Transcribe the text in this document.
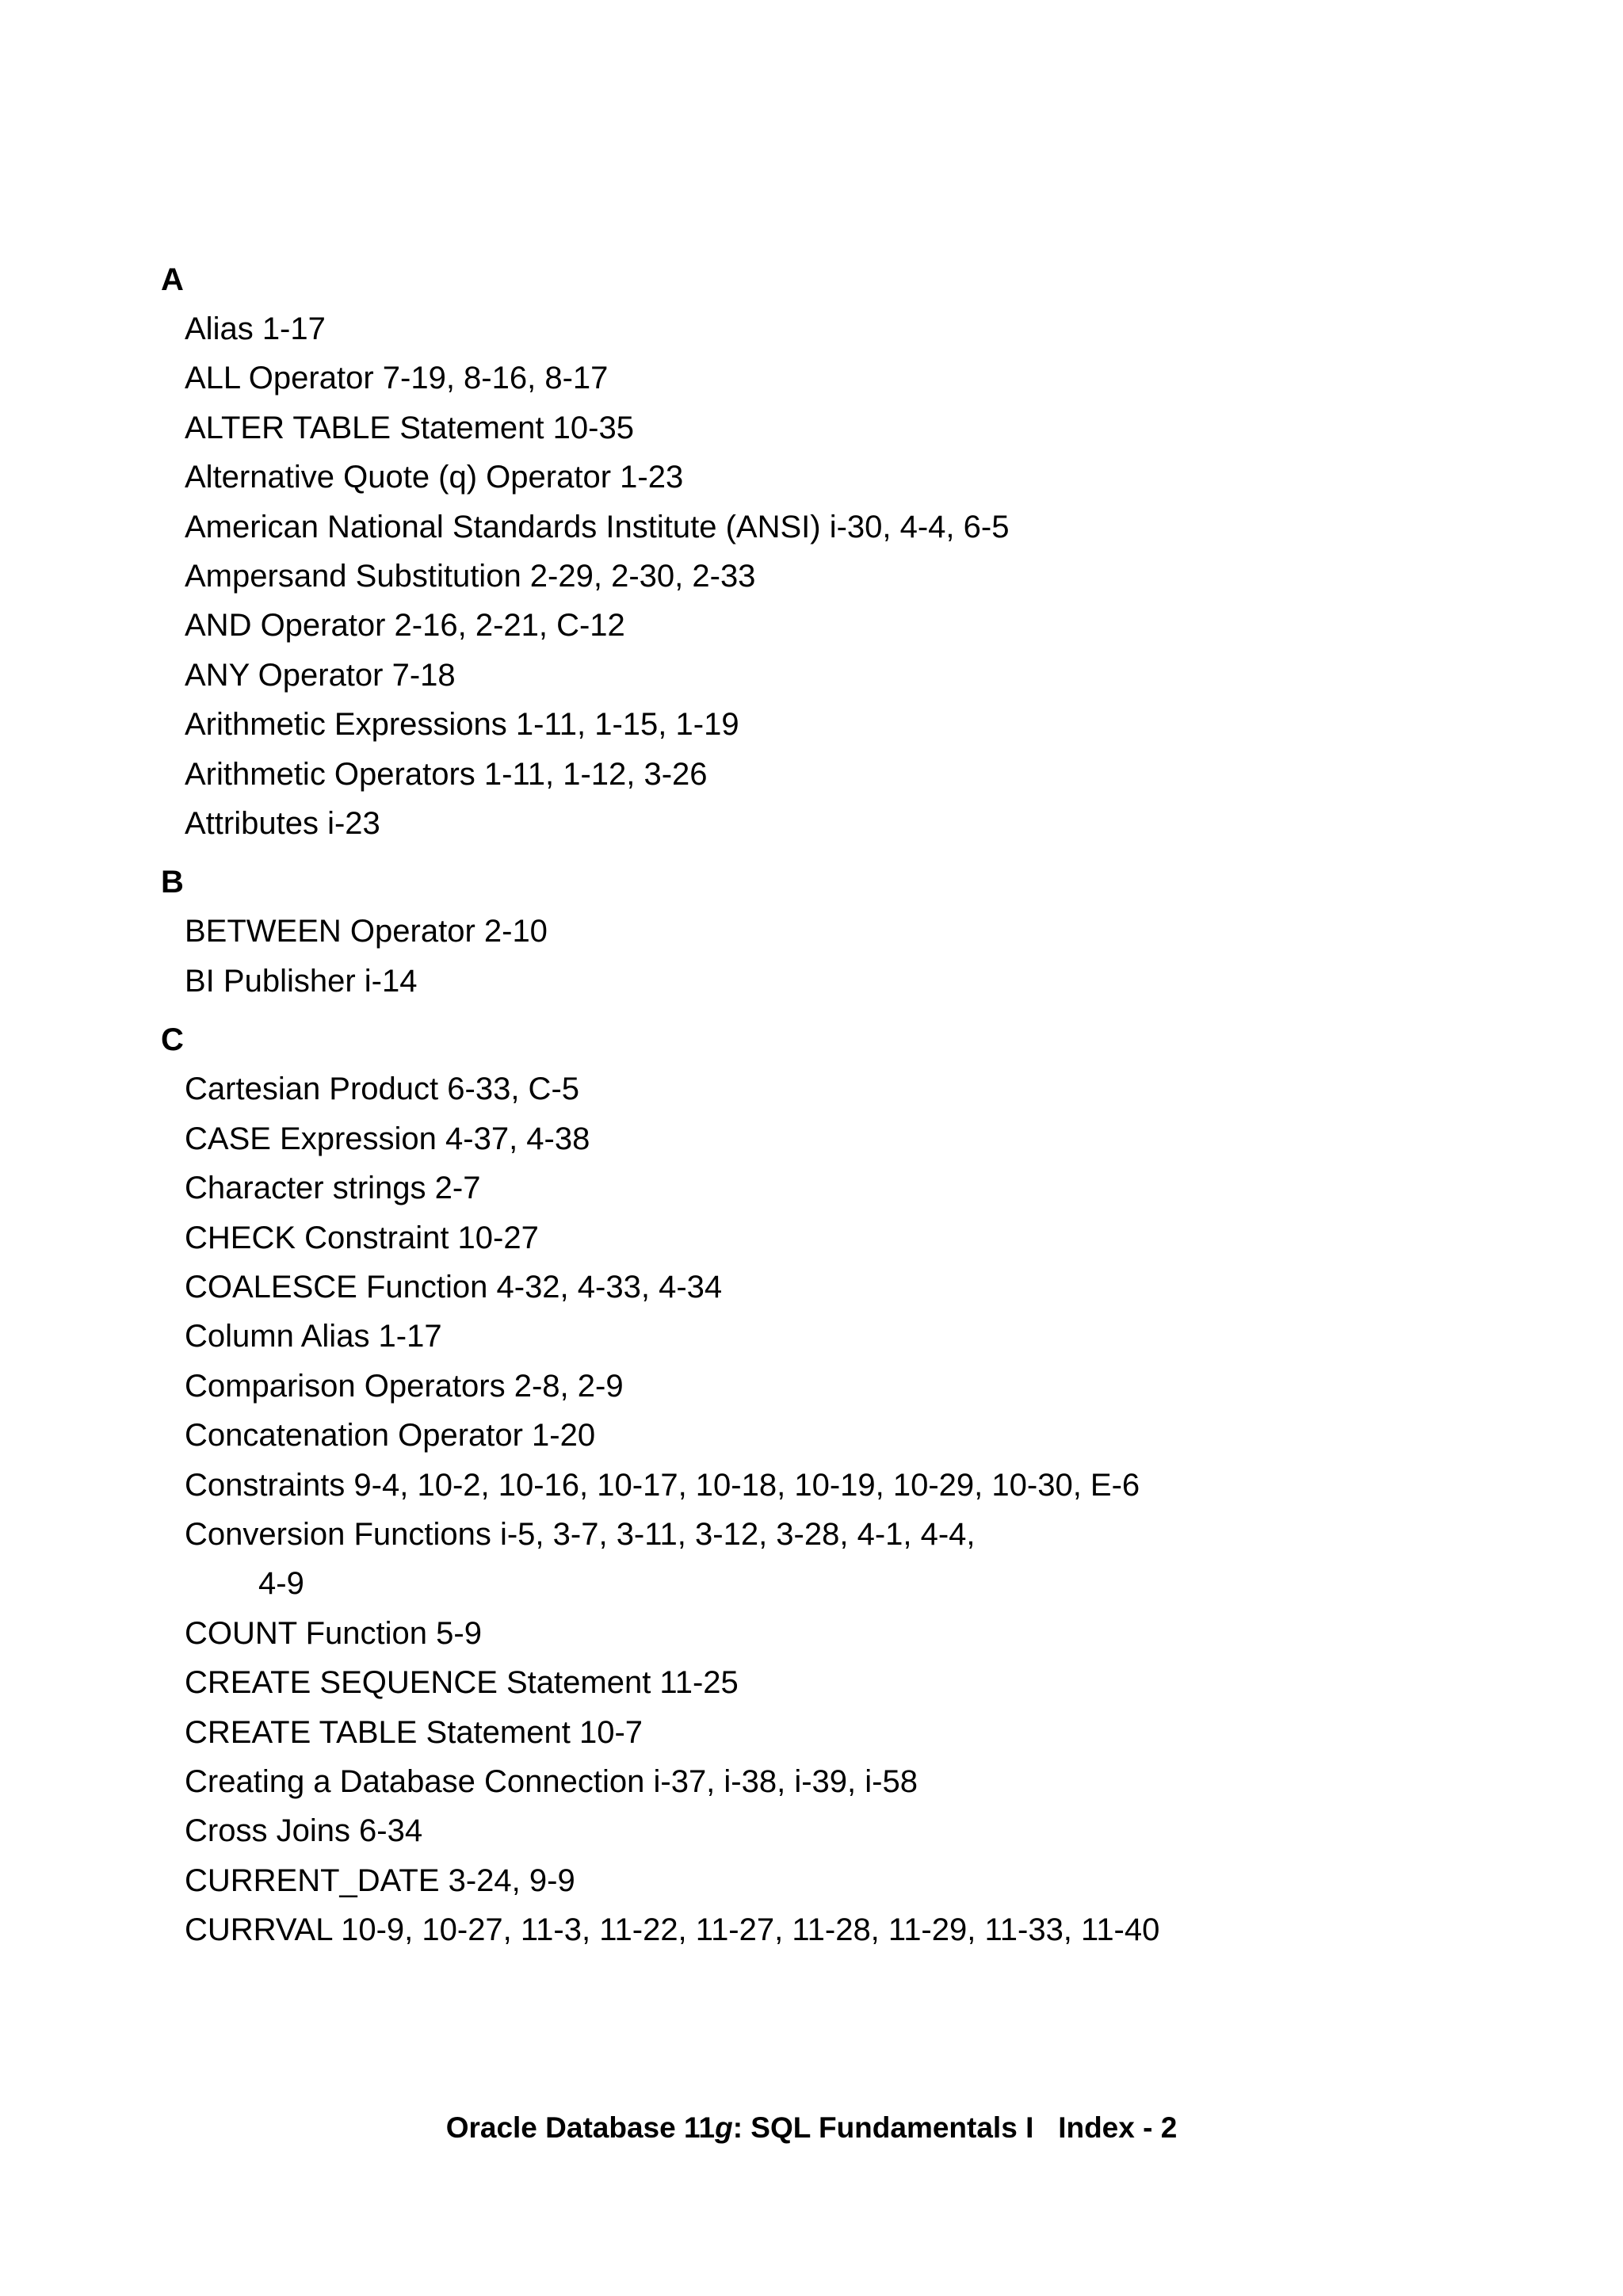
A
Alias 1-17
ALL Operator 7-19, 8-16, 8-17
ALTER TABLE Statement 10-35
Alternative Quote (q) Operator 1-23
American National Standards Institute (ANSI) i-30, 4-4, 6-5
Ampersand Substitution 2-29, 2-30, 2-33
AND Operator 2-16, 2-21, C-12
ANY Operator 7-18
Arithmetic Expressions 1-11, 1-15, 1-19
Arithmetic Operators 1-11, 1-12, 3-26
Attributes i-23
B
BETWEEN Operator 2-10
BI Publisher i-14
C
Cartesian Product 6-33, C-5
CASE Expression 4-37, 4-38
Character strings 2-7
CHECK Constraint 10-27
COALESCE Function 4-32, 4-33, 4-34
Column Alias 1-17
Comparison Operators 2-8, 2-9
Concatenation Operator 1-20
Constraints 9-4, 10-2, 10-16, 10-17, 10-18, 10-19, 10-29, 10-30, E-6
Conversion Functions i-5, 3-7, 3-11, 3-12, 3-28, 4-1, 4-4,
4-9
COUNT Function 5-9
CREATE SEQUENCE Statement 11-25
CREATE TABLE Statement 10-7
Creating a Database Connection i-37, i-38, i-39, i-58
Cross Joins 6-34
CURRENT_DATE 3-24, 9-9
CURRVAL 10-9, 10-27, 11-3, 11-22, 11-27, 11-28, 11-29, 11-33, 11-40
Oracle Database 11g: SQL Fundamentals I Index - 2
